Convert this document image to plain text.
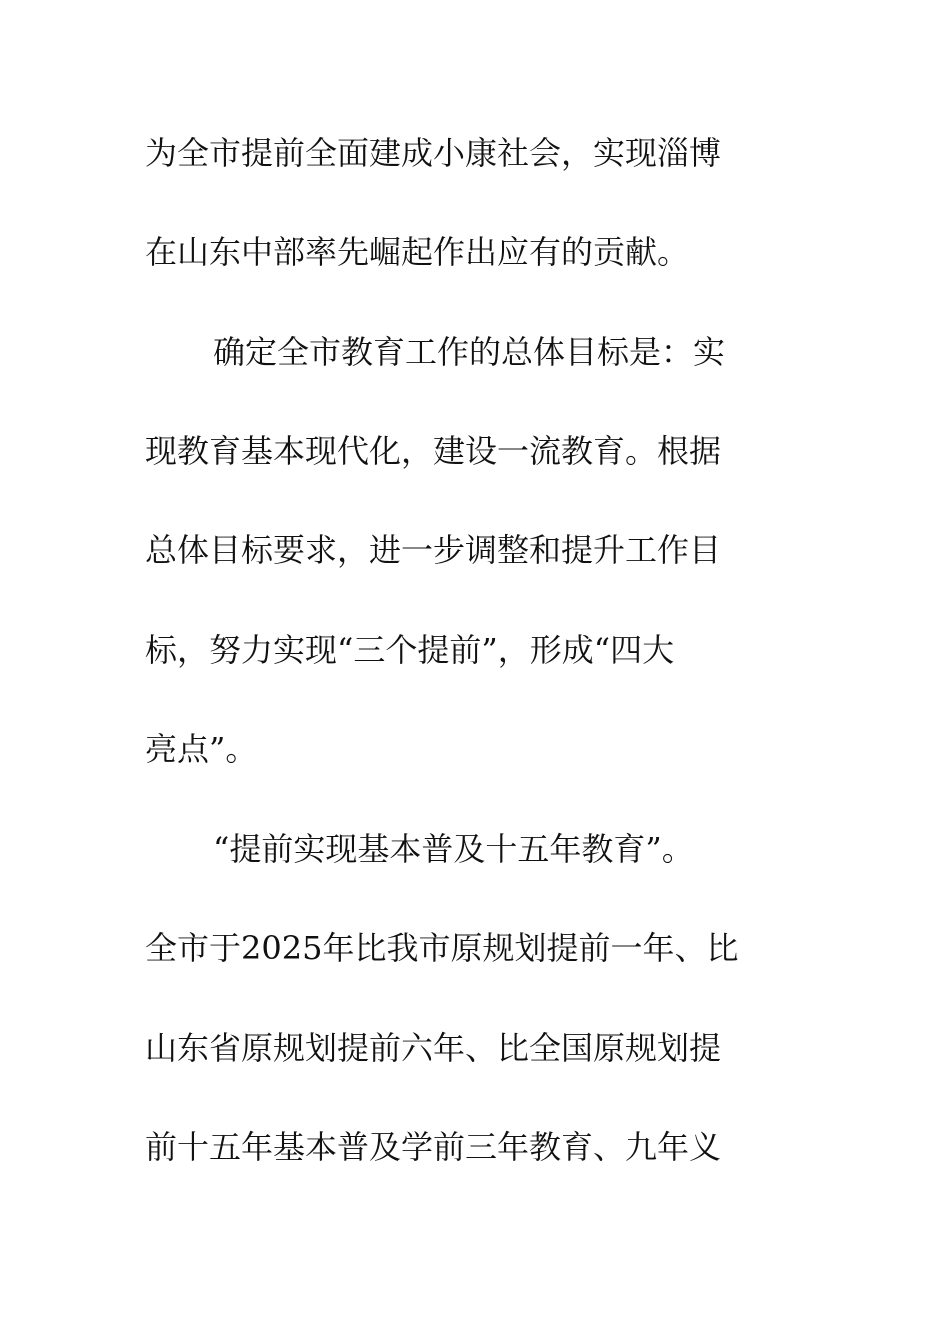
为全市提前全面建成小康社会，实现淄博
在山东中部率先崛起作出应有的贡献。
确定全市教育工作的总体目标是：实
现教育基本现代化，建设一流教育。根据
总体目标要求，进一步调整和提升工作目
标，努力实现“三个提前”，形成“四大
亮点”。
“提前实现基本普及十五年教育”。
全市于2025年比我市原规划提前一年、比
山东省原规划提前六年、比全国原规划提
前十五年基本普及学前三年教育、九年义
